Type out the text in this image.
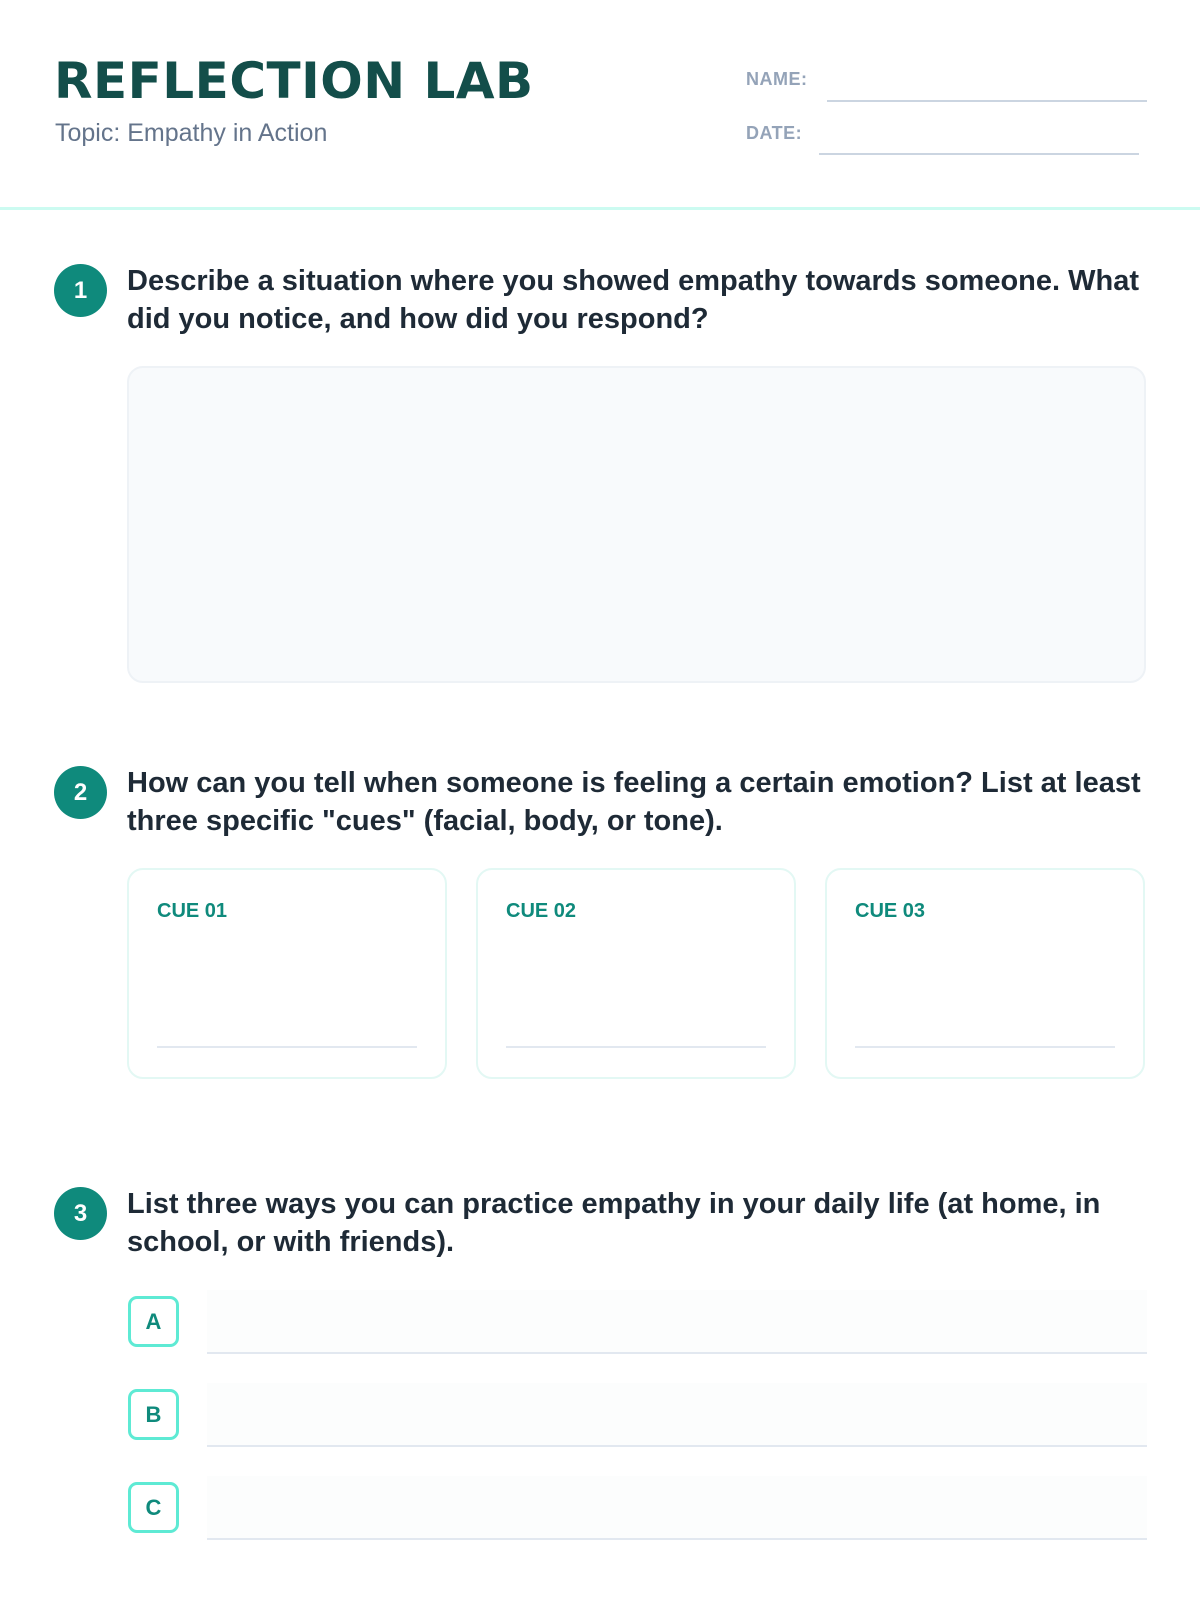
REFLECTION LAB
Topic: Empathy in Action
NAME:
DATE:
1	Describe a situation where you showed empathy towards someone. What did you notice, and how did you respond?

2	How can you tell when someone is feeling a certain emotion? List at least three specific "cues" (facial, body, or tone).

CUE 01	CUE 02	CUE 03
3	List three ways you can practice empathy in your daily life (at home, in school, or with friends).

A
B
C
